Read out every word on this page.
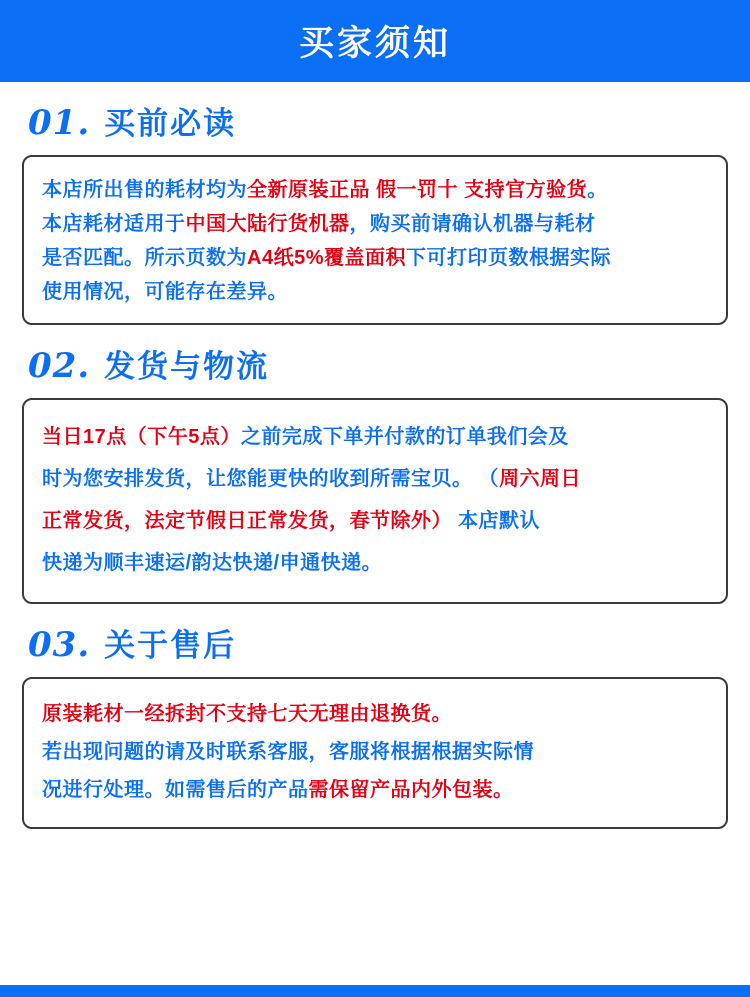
买家须知
01. 买前必读
本店所出售的耗材均为全新原装正品 假一罚十 支持官方验货。
本店耗材适用于中国大陆行货机器，购买前请确认机器与耗材
是否匹配。所示页数为A4纸5%覆盖面积下可打印页数根据实际
使用情况，可能存在差异。
02. 发货与物流
当日17点（下午5点）之前完成下单并付款的订单我们会及
时为您安排发货，让您能更快的收到所需宝贝。 （周六周日
正常发货，法定节假日正常发货，春节除外） 本店默认
快递为顺丰速运/韵达快递/申通快递。
03. 关于售后
原装耗材一经拆封不支持七天无理由退换货。
若出现问题的请及时联系客服，客服将根据根据实际情
况进行处理。如需售后的产品需保留产品内外包装。
